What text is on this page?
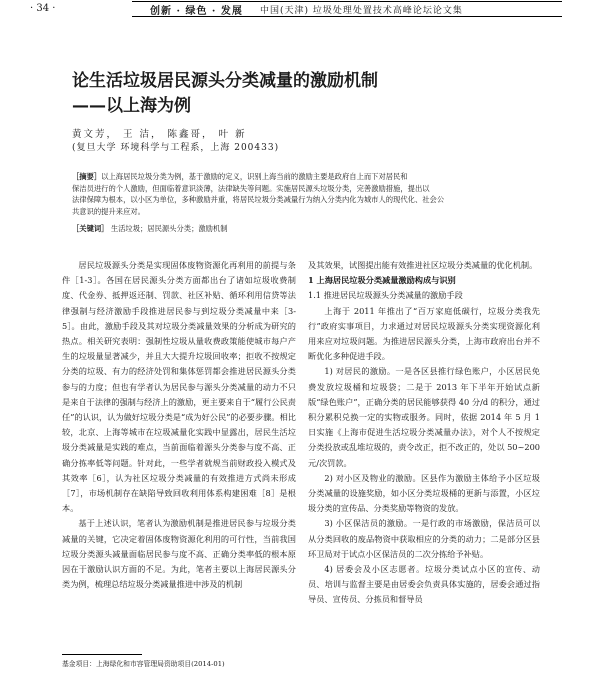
· 34 ·	创新 · 绿色 · 发展 中国(天津) 垃圾处理处置技术高峰论坛论文集
论生活垃圾居民源头分类减量的激励机制
——以上海为例
黄文芳， 王 洁， 陈鑫哥， 叶 新
(复旦大学 环境科学与工程系，上海 200433)
［摘要］以上海居民垃圾分类为例，基于激励的定义，识别上海当前的激励主要是政府自上而下对居民和
保洁员进行的个人激励，但面临着意识淡薄，法律缺失等问题。实施居民源头垃圾分类，完善激励措施，提出以
法律保障为根本，以小区为单位，多种激励并重，将居民垃圾分类减量行为纳入分类内化为城市人的现代化、社会公
共意识的提升来应对。
［关键词］ 生活垃圾；居民源头分类；激励机制

居民垃圾源头分类是实现固体废物资源化再利用的前提与条件［1-3］。各国在居民源头分类方面都出台了诸如垃圾收费制度、代金券、抵押返还制、罚款、社区补贴、循环利用信贷等法律强制与经济激励手段推进居民参与到垃圾分类减量中来［3-5］。由此，激励手段及其对垃圾分类减量效果的分析成为研究的热点。相关研究表明：强制性垃圾从量收费政策能使城市每户产生的垃圾量显著减少，并且大大提升垃圾回收率；拒收不按规定分类的垃圾、有力的经济处罚和集体惩罚都会推进居民源头分类参与的力度；但也有学者认为居民参与源头分类减量的动力不只是来自于法律的强制与经济上的激励，更主要来自于“履行公民责任”的认识，认为做好垃圾分类是“成为好公民”的必要步骤。相比较，北京、上海等城市在垃圾减量化实践中显露出，居民生活垃圾分类减量是实践的难点，当前面临着源头分类参与度不高、正确分拣率低等问题。针对此，一些学者就规当前财政投入模式及其效率［6］，认为社区垃圾分类减量的有效推进方式尚未形成［7］，市场机制存在缺陷导致回收利用体系构建困难［8］是根本。

基于上述认识，笔者认为激励机制是推进居民参与垃圾分类减量的关键，它决定着固体废物资源化利用的可行性，当前我国垃圾分类源头减量面临居民参与度不高、正确分类率低的根本原因在于激励认识方面的不足。为此，笔者主要以上海居民源头分类为例，梳理总结垃圾分类减量推进中涉及的机制

及其效果，试图提出能有效推进社区垃圾分类减量的优化机制。

1 上海居民垃圾分类减量激励构成与识别

1.1 推进居民垃圾源头分类减量的激励手段

上海于 2011 年推出了“百万家庭低碳行，垃圾分类我先行”政府实事项目，力求通过对居民垃圾源头分类实现资源化利用来应对垃圾问题。为推进居民源头分类，上海市政府出台并不断优化多种促进手段。

1) 对居民的激励。一是各区县推行绿色账户，小区居民免费发放垃圾桶和垃圾袋；二是于 2013 年下半年开始试点新版“绿色账户”，正确分类的居民能够获得 40 分/d 的积分，通过积分累积兑换一定的实物或服务。同时，依据 2014 年 5 月 1 日实施《上海市促进生活垃圾分类减量办法》，对个人不按规定分类投放或乱堆垃圾的，责令改正，拒不改正的，处以 50~200 元/次罚款。

2) 对小区及物业的激励。区县作为激励主体给予小区垃圾分类减量的设施奖励，如小区分类垃圾桶的更新与添置，小区垃圾分类的宣传品、分类奖励等物资的发放。

3) 小区保洁员的激励。一是行政的市场激励，保洁员可以从分类回收的废品物资中获取相应的分类的动力；二是部分区县环卫局对于试点小区保洁员的二次分拣给予补贴。

4) 居委会及小区志愿者。垃圾分类试点小区的宣传、动员、培训与监督主要是由居委会负责具体实施的，居委会通过指导员、宣传员、分拣员和督导员

基金项目：上海绿化和市容管理局资助项目(2014-01)
